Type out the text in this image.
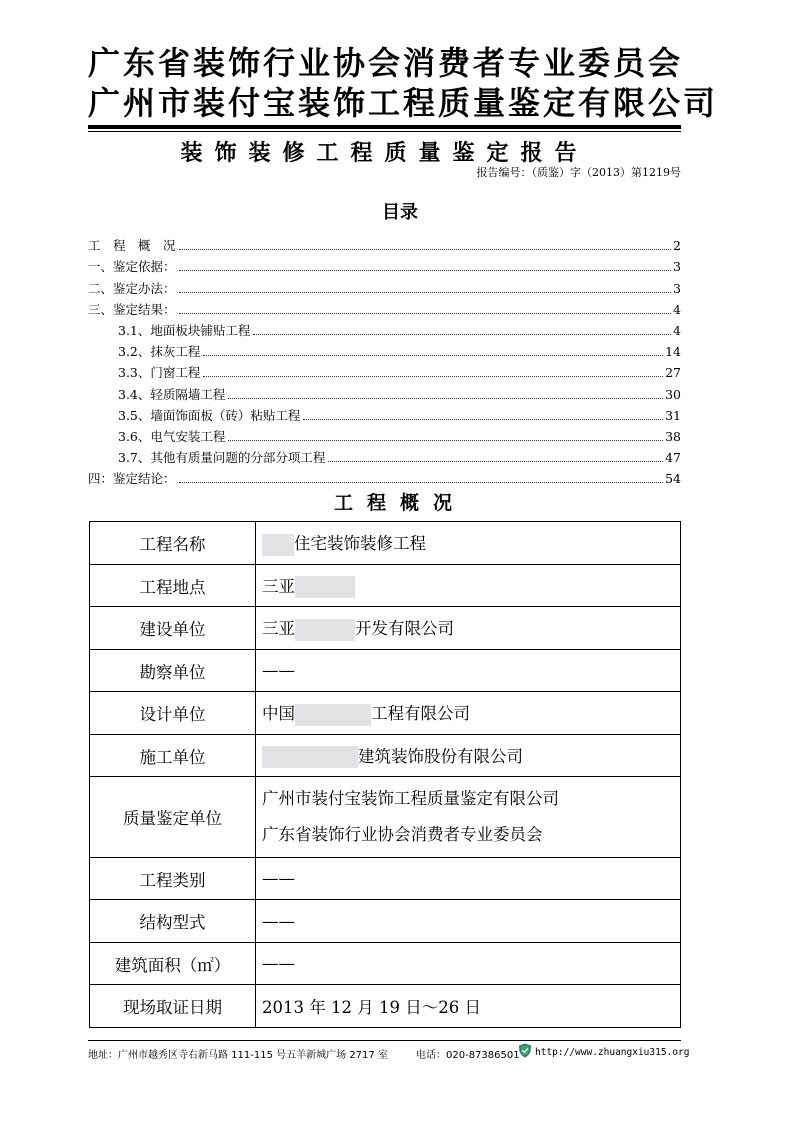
广东省装饰行业协会消费者专业委员会
广州市装付宝装饰工程质量鉴定有限公司
装饰装修工程质量鉴定报告
报告编号：（质鉴）字（2013）第1219号
目录
工　程　概　况	2
一、鉴定依据：	3
二、鉴定办法：	3
三、鉴定结果：	4
3.1、地面板块铺贴工程	4
3.2、抹灰工程	14
3.3、门窗工程	27
3.4、轻质隔墙工程	30
3.5、墙面饰面板（砖）粘贴工程	31
3.6、电气安装工程	38
3.7、其他有质量问题的分部分项工程	47
四：鉴定结论：	54
工程概况
工程名称	住宅装饰装修工程
工程地点	三亚
建设单位	三亚 开发有限公司
勘察单位	——
设计单位	中国 工程有限公司
施工单位	建筑装饰股份有限公司
质量鉴定单位	广州市装付宝装饰工程质量鉴定有限公司
广东省装饰行业协会消费者专业委员会

工程类别	——
结构型式	——
建筑面积（㎡）	——
现场取证日期	2013 年 12 月 19 日～26 日
地址：广州市越秀区寺右新马路 111-115 号五羊新城广场 2717 室	电话：020-87386501 http://www.zhuangxiu315.org
